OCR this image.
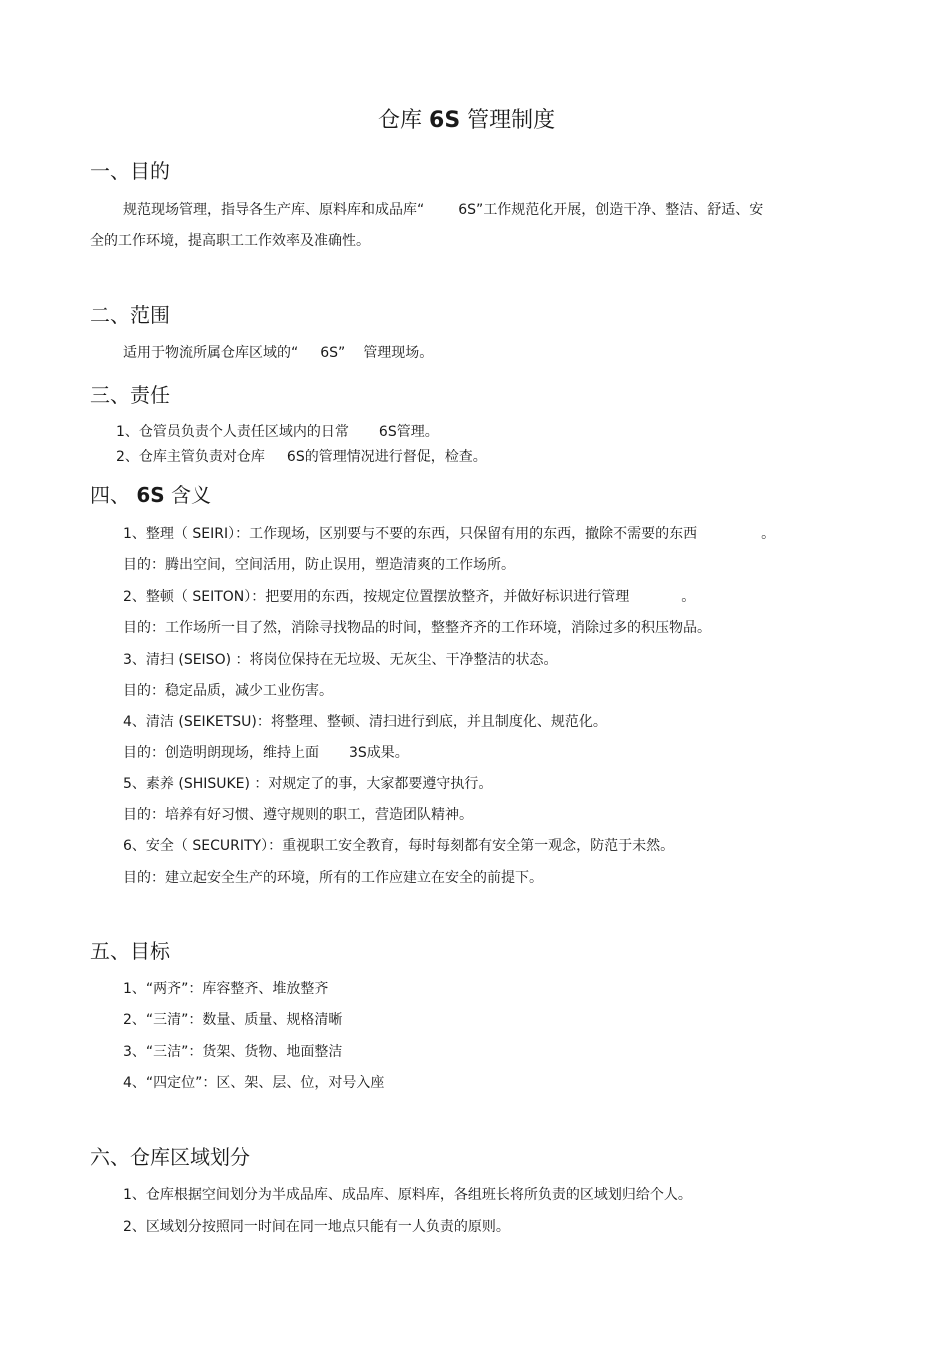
仓库 6S 管理制度
一、目的
规范现场管理，指导各生产库、原料库和成品库“ 6S”工作规范化开展，创造干净、整洁、舒适、安
全的工作环境，提高职工工作效率及准确性。
二、范围
适用于物流所属仓库区域的“ 6S” 管理现场。
三、责任
1、仓管员负责个人责任区域内的日常 6S管理。
2、仓库主管负责对仓库 6S的管理情况进行督促，检查。
四、 6S 含义
1、整理（ SEIRI）：工作现场，区别要与不要的东西，只保留有用的东西，撤除不需要的东西	。
目的：腾出空间，空间活用，防止误用，塑造清爽的工作场所。
2、整顿（ SEITON）：把要用的东西，按规定位置摆放整齐，并做好标识进行管理	。
目的：工作场所一目了然，消除寻找物品的时间，整整齐齐的工作环境，消除过多的积压物品。
3、清扫 (SEISO) ：将岗位保持在无垃圾、无灰尘、干净整洁的状态。
目的：稳定品质，减少工业伤害。
4、清洁 (SEIKETSU)：将整理、整顿、清扫进行到底，并且制度化、规范化。
目的：创造明朗现场，维持上面 3S成果。
5、素养 (SHISUKE) ：对规定了的事，大家都要遵守执行。
目的：培养有好习惯、遵守规则的职工，营造团队精神。
6、安全（ SECURITY）：重视职工安全教育，每时每刻都有安全第一观念，防范于未然。
目的：建立起安全生产的环境，所有的工作应建立在安全的前提下。
五、目标
1、“两齐”：库容整齐、堆放整齐
2、“三清”：数量、质量、规格清晰
3、“三洁”：货架、货物、地面整洁
4、“四定位”：区、架、层、位，对号入座
六、仓库区域划分
1、仓库根据空间划分为半成品库、成品库、原料库，各组班长将所负责的区域划归给个人。
2、区域划分按照同一时间在同一地点只能有一人负责的原则。
